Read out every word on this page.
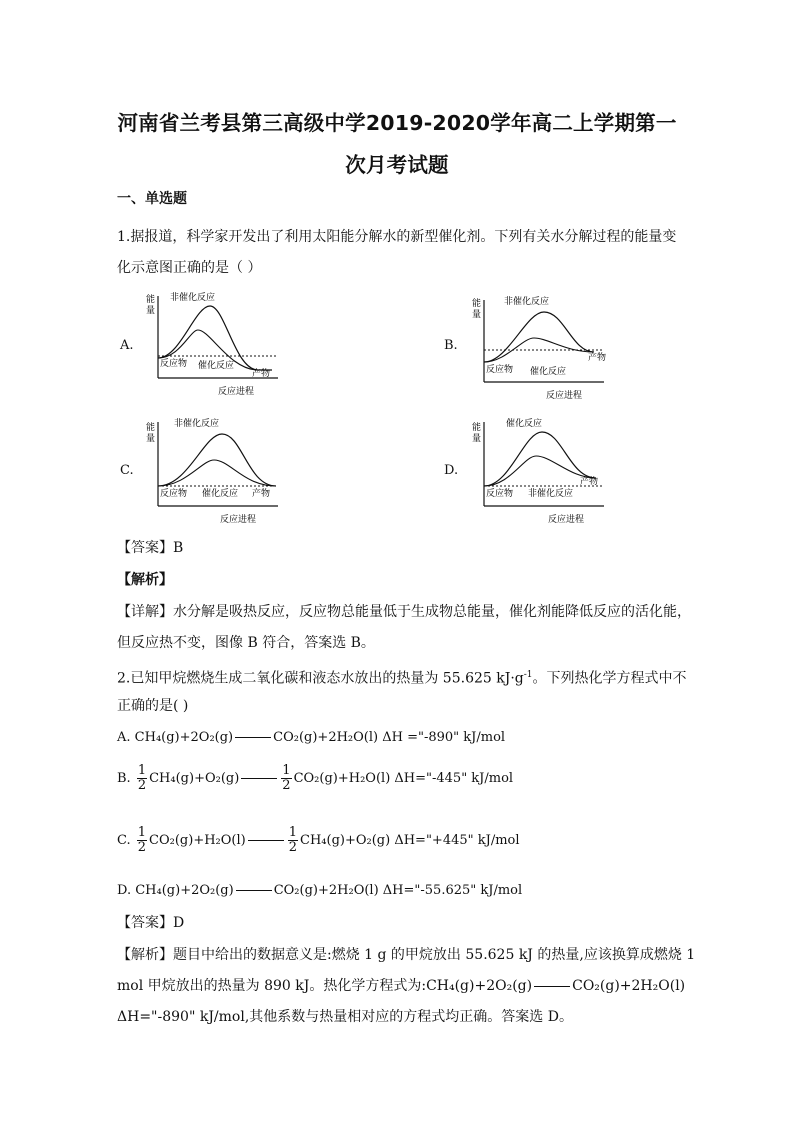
河南省兰考县第三高级中学2019-2020学年高二上学期第一
次月考试题
一、单选题
1.据报道，科学家开发出了利用太阳能分解水的新型催化剂。下列有关水分解过程的能量变
化示意图正确的是（ ）
A.	B.
C.	D.
能
量
非催化反应
反应物 催化反应
产物
反应进程
能
量
非催化反应
反应物 催化反应
产物
反应进程
能
量
非催化反应
反应物 催化反应 产物
反应进程
能
量
催化反应
反应物 非催化反应
产物
反应进程
【答案】B
【解析】
【详解】水分解是吸热反应，反应物总能量低于生成物总能量，催化剂能降低反应的活化能，
但反应热不变，图像 B 符合，答案选 B。
2.已知甲烷燃烧生成二氧化碳和液态水放出的热量为 55.625 $kJ\cdot g^{-1}$。下列热化学方程式中不
正确的是( )
A. CH₄(g)+2O₂(g)	CO₂(g)+2H₂O(l) ΔH ="-890" kJ/mol
B. $\frac{1}{2} CH_4(g)+O_2(g)$	$\frac{1}{2} CO_2(g)+H_2O(l)$ ΔH="-445" kJ/mol
C. $\frac{1}{2} CO_2(g)+H_2O(l)$	$\frac{1}{2} CH_4(g)+O_2(g)$ ΔH="+445" kJ/mol
D. CH₄(g)+2O₂(g)	CO₂(g)+2H₂O(l) ΔH="-55.625" kJ/mol
【答案】D
【解析】题目中给出的数据意义是:燃烧 1 g 的甲烷放出 55.625 kJ 的热量,应该换算成燃烧 1
mol 甲烷放出的热量为 890 kJ。热化学方程式为:CH₄(g)+2O₂(g)	CO₂(g)+2H₂O(l)
ΔH="-890" kJ/mol,其他系数与热量相对应的方程式均正确。答案选 D。
